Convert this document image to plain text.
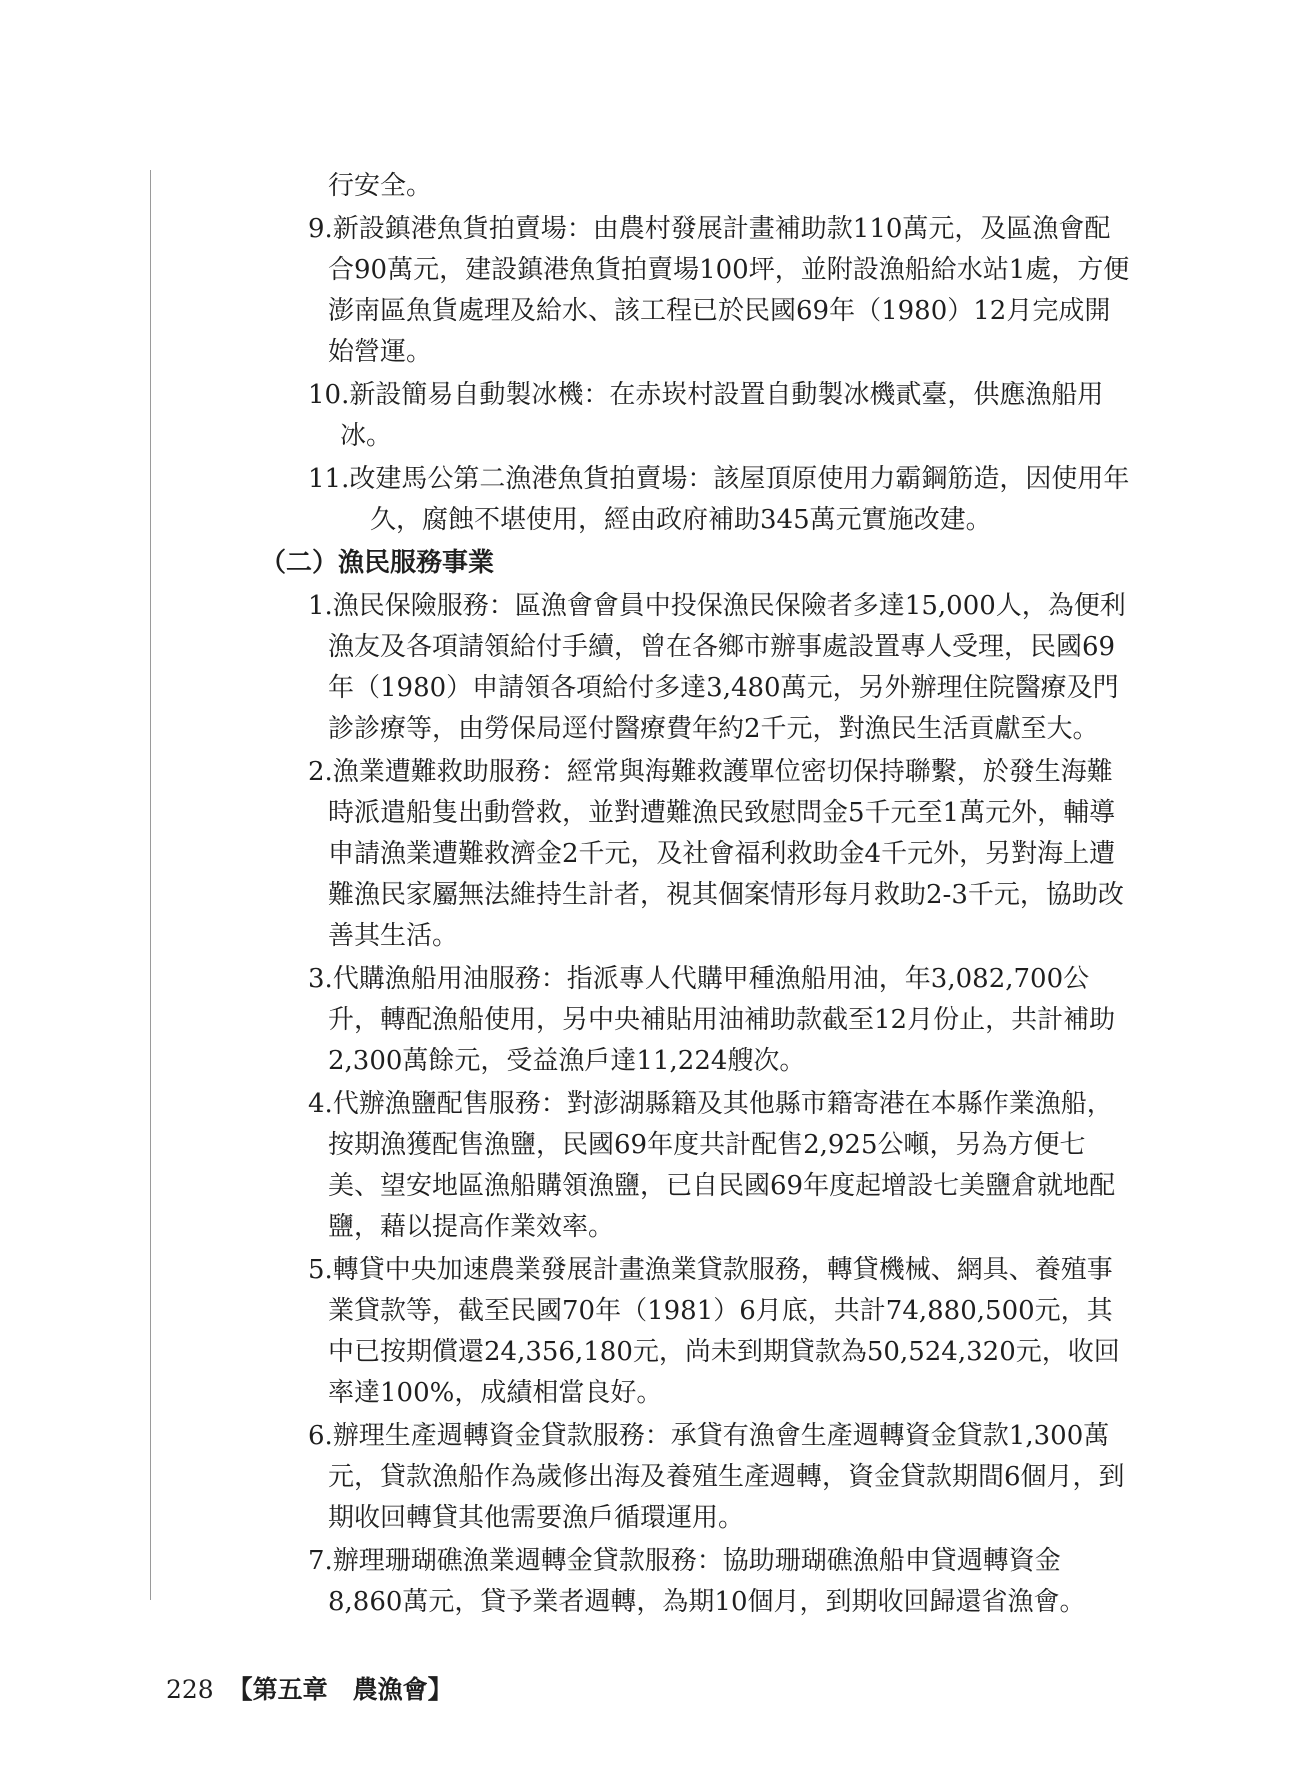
行安全。

9.新設鎮港魚貨拍賣場：由農村發展計畫補助款110萬元，及區漁會配合90萬元，建設鎮港魚貨拍賣場100坪，並附設漁船給水站1處，方便澎南區魚貨處理及給水、該工程已於民國69年（1980）12月完成開始營運。

10.新設簡易自動製冰機：在赤崁村設置自動製冰機貳臺，供應漁船用冰。

11.改建馬公第二漁港魚貨拍賣場：該屋頂原使用力霸鋼筋造，因使用年久，腐蝕不堪使用，經由政府補助345萬元實施改建。

（二）漁民服務事業

1.漁民保險服務：區漁會會員中投保漁民保險者多達15,000人，為便利漁友及各項請領給付手續，曾在各鄉市辦事處設置專人受理，民國69年（1980）申請領各項給付多達3,480萬元，另外辦理住院醫療及門診診療等，由勞保局逕付醫療費年約2千元，對漁民生活貢獻至大。

2.漁業遭難救助服務：經常與海難救護單位密切保持聯繫，於發生海難時派遣船隻出動營救，並對遭難漁民致慰問金5千元至1萬元外，輔導申請漁業遭難救濟金2千元，及社會福利救助金4千元外，另對海上遭難漁民家屬無法維持生計者，視其個案情形每月救助2-3千元，協助改善其生活。

3.代購漁船用油服務：指派專人代購甲種漁船用油，年3,082,700公升，轉配漁船使用，另中央補貼用油補助款截至12月份止，共計補助2,300萬餘元，受益漁戶達11,224艘次。

4.代辦漁鹽配售服務：對澎湖縣籍及其他縣市籍寄港在本縣作業漁船，按期漁獲配售漁鹽，民國69年度共計配售2,925公噸，另為方便七美、望安地區漁船購領漁鹽，已自民國69年度起增設七美鹽倉就地配鹽，藉以提高作業效率。

5.轉貸中央加速農業發展計畫漁業貸款服務，轉貸機械、網具、養殖事業貸款等，截至民國70年（1981）6月底，共計74,880,500元，其中已按期償還24,356,180元，尚未到期貸款為50,524,320元，收回率達100%，成績相當良好。

6.辦理生產週轉資金貸款服務：承貸有漁會生產週轉資金貸款1,300萬元，貸款漁船作為歲修出海及養殖生產週轉，資金貸款期間6個月，到期收回轉貸其他需要漁戶循環運用。

7.辦理珊瑚礁漁業週轉金貸款服務：協助珊瑚礁漁船申貸週轉資金8,860萬元，貸予業者週轉，為期10個月，到期收回歸還省漁會。

228 【第五章　農漁會】
